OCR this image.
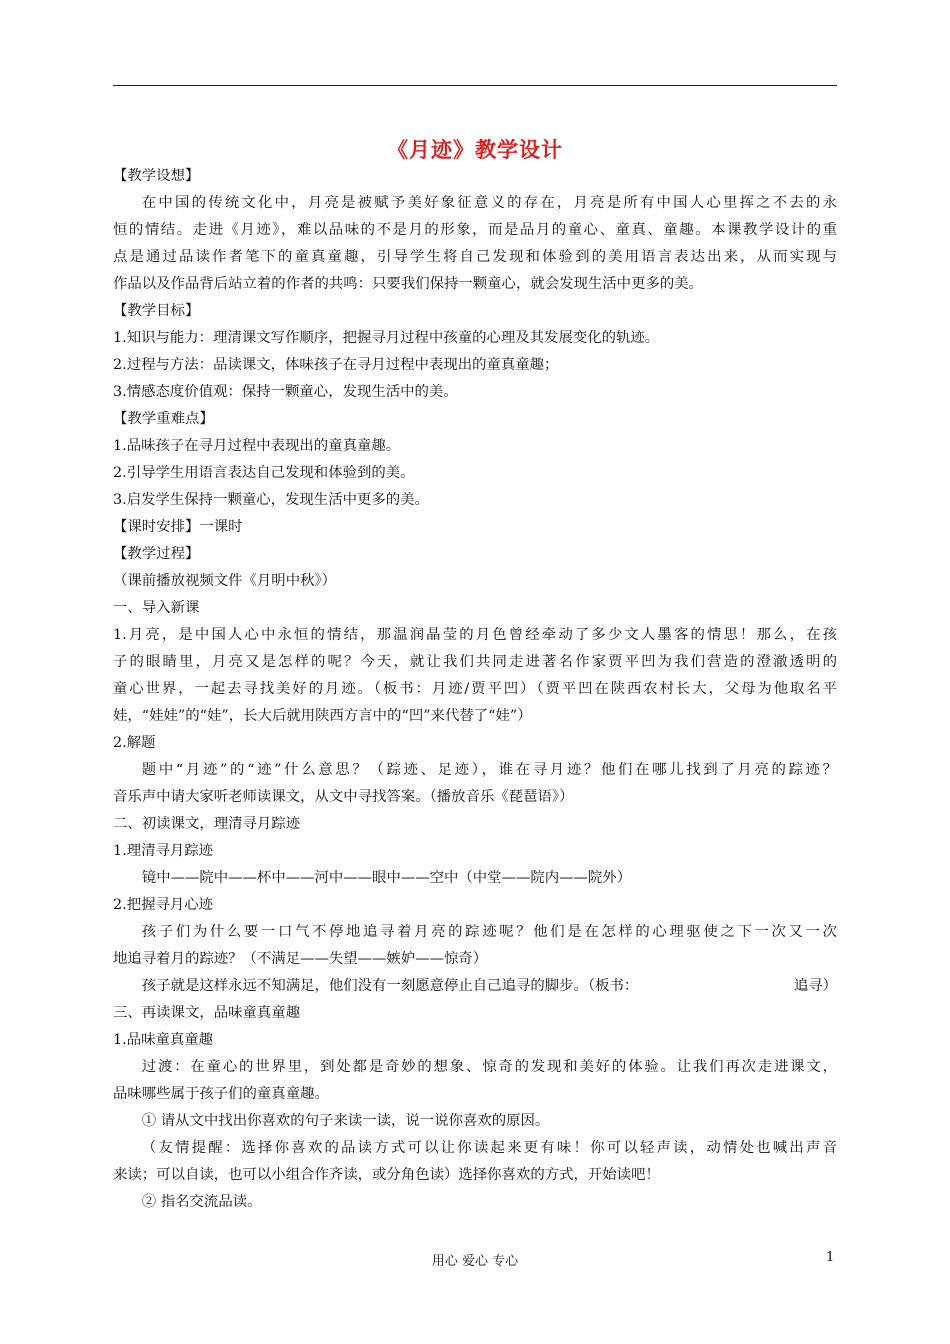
《月迹》教学设计

【教学设想】

在中国的传统文化中，月亮是被赋予美好象征意义的存在，月亮是所有中国人心里挥之不去的永

恒的情结。走进《月迹》，难以品味的不是月的形象，而是品月的童心、童真、童趣。本课教学设计的重

点是通过品读作者笔下的童真童趣，引导学生将自己发现和体验到的美用语言表达出来，从而实现与

作品以及作品背后站立着的作者的共鸣：只要我们保持一颗童心，就会发现生活中更多的美。

【教学目标】

1.知识与能力：理清课文写作顺序，把握寻月过程中孩童的心理及其发展变化的轨迹。

2.过程与方法：品读课文，体味孩子在寻月过程中表现出的童真童趣；

3.情感态度价值观：保持一颗童心，发现生活中的美。

【教学重难点】

1.品味孩子在寻月过程中表现出的童真童趣。

2.引导学生用语言表达自己发现和体验到的美。

3.启发学生保持一颗童心，发现生活中更多的美。

【课时安排】一课时

【教学过程】

（课前播放视频文件《月明中秋》）

一、导入新课

1.月亮，是中国人心中永恒的情结，那温润晶莹的月色曾经牵动了多少文人墨客的情思！那么，在孩

子的眼睛里，月亮又是怎样的呢？今天，就让我们共同走进著名作家贾平凹为我们营造的澄澈透明的

童心世界，一起去寻找美好的月迹。（板书：月迹/贾平凹）（贾平凹在陕西农村长大，父母为他取名平

娃，“娃娃”的“娃”，长大后就用陕西方言中的“凹”来代替了“娃”）

2.解题

题中“月迹”的“迹”什么意思？（踪迹、足迹），谁在寻月迹？他们在哪儿找到了月亮的踪迹？

音乐声中请大家听老师读课文，从文中寻找答案。（播放音乐《琵琶语》）

二、初读课文，理清寻月踪迹

1.理清寻月踪迹

镜中——院中——杯中——河中——眼中——空中（中堂——院内——院外）

2.把握寻月心迹

孩子们为什么要一口气不停地追寻着月亮的踪迹呢？他们是在怎样的心理驱使之下一次又一次

地追寻着月的踪迹？（不满足——失望——嫉妒——惊奇）

孩子就是这样永远不知满足，他们没有一刻愿意停止自己追寻的脚步。（板书：	追寻）

三、再读课文，品味童真童趣

1.品味童真童趣

过渡：在童心的世界里，到处都是奇妙的想象、惊奇的发现和美好的体验。让我们再次走进课文，

品味哪些属于孩子们的童真童趣。

① 请从文中找出你喜欢的句子来读一读，说一说你喜欢的原因。

（友情提醒：选择你喜欢的品读方式可以让你读起来更有味！你可以轻声读，动情处也喊出声音

来读；可以自读，也可以小组合作齐读，或分角色读）选择你喜欢的方式，开始读吧！

② 指名交流品读。

用心 爱心 专心	1
